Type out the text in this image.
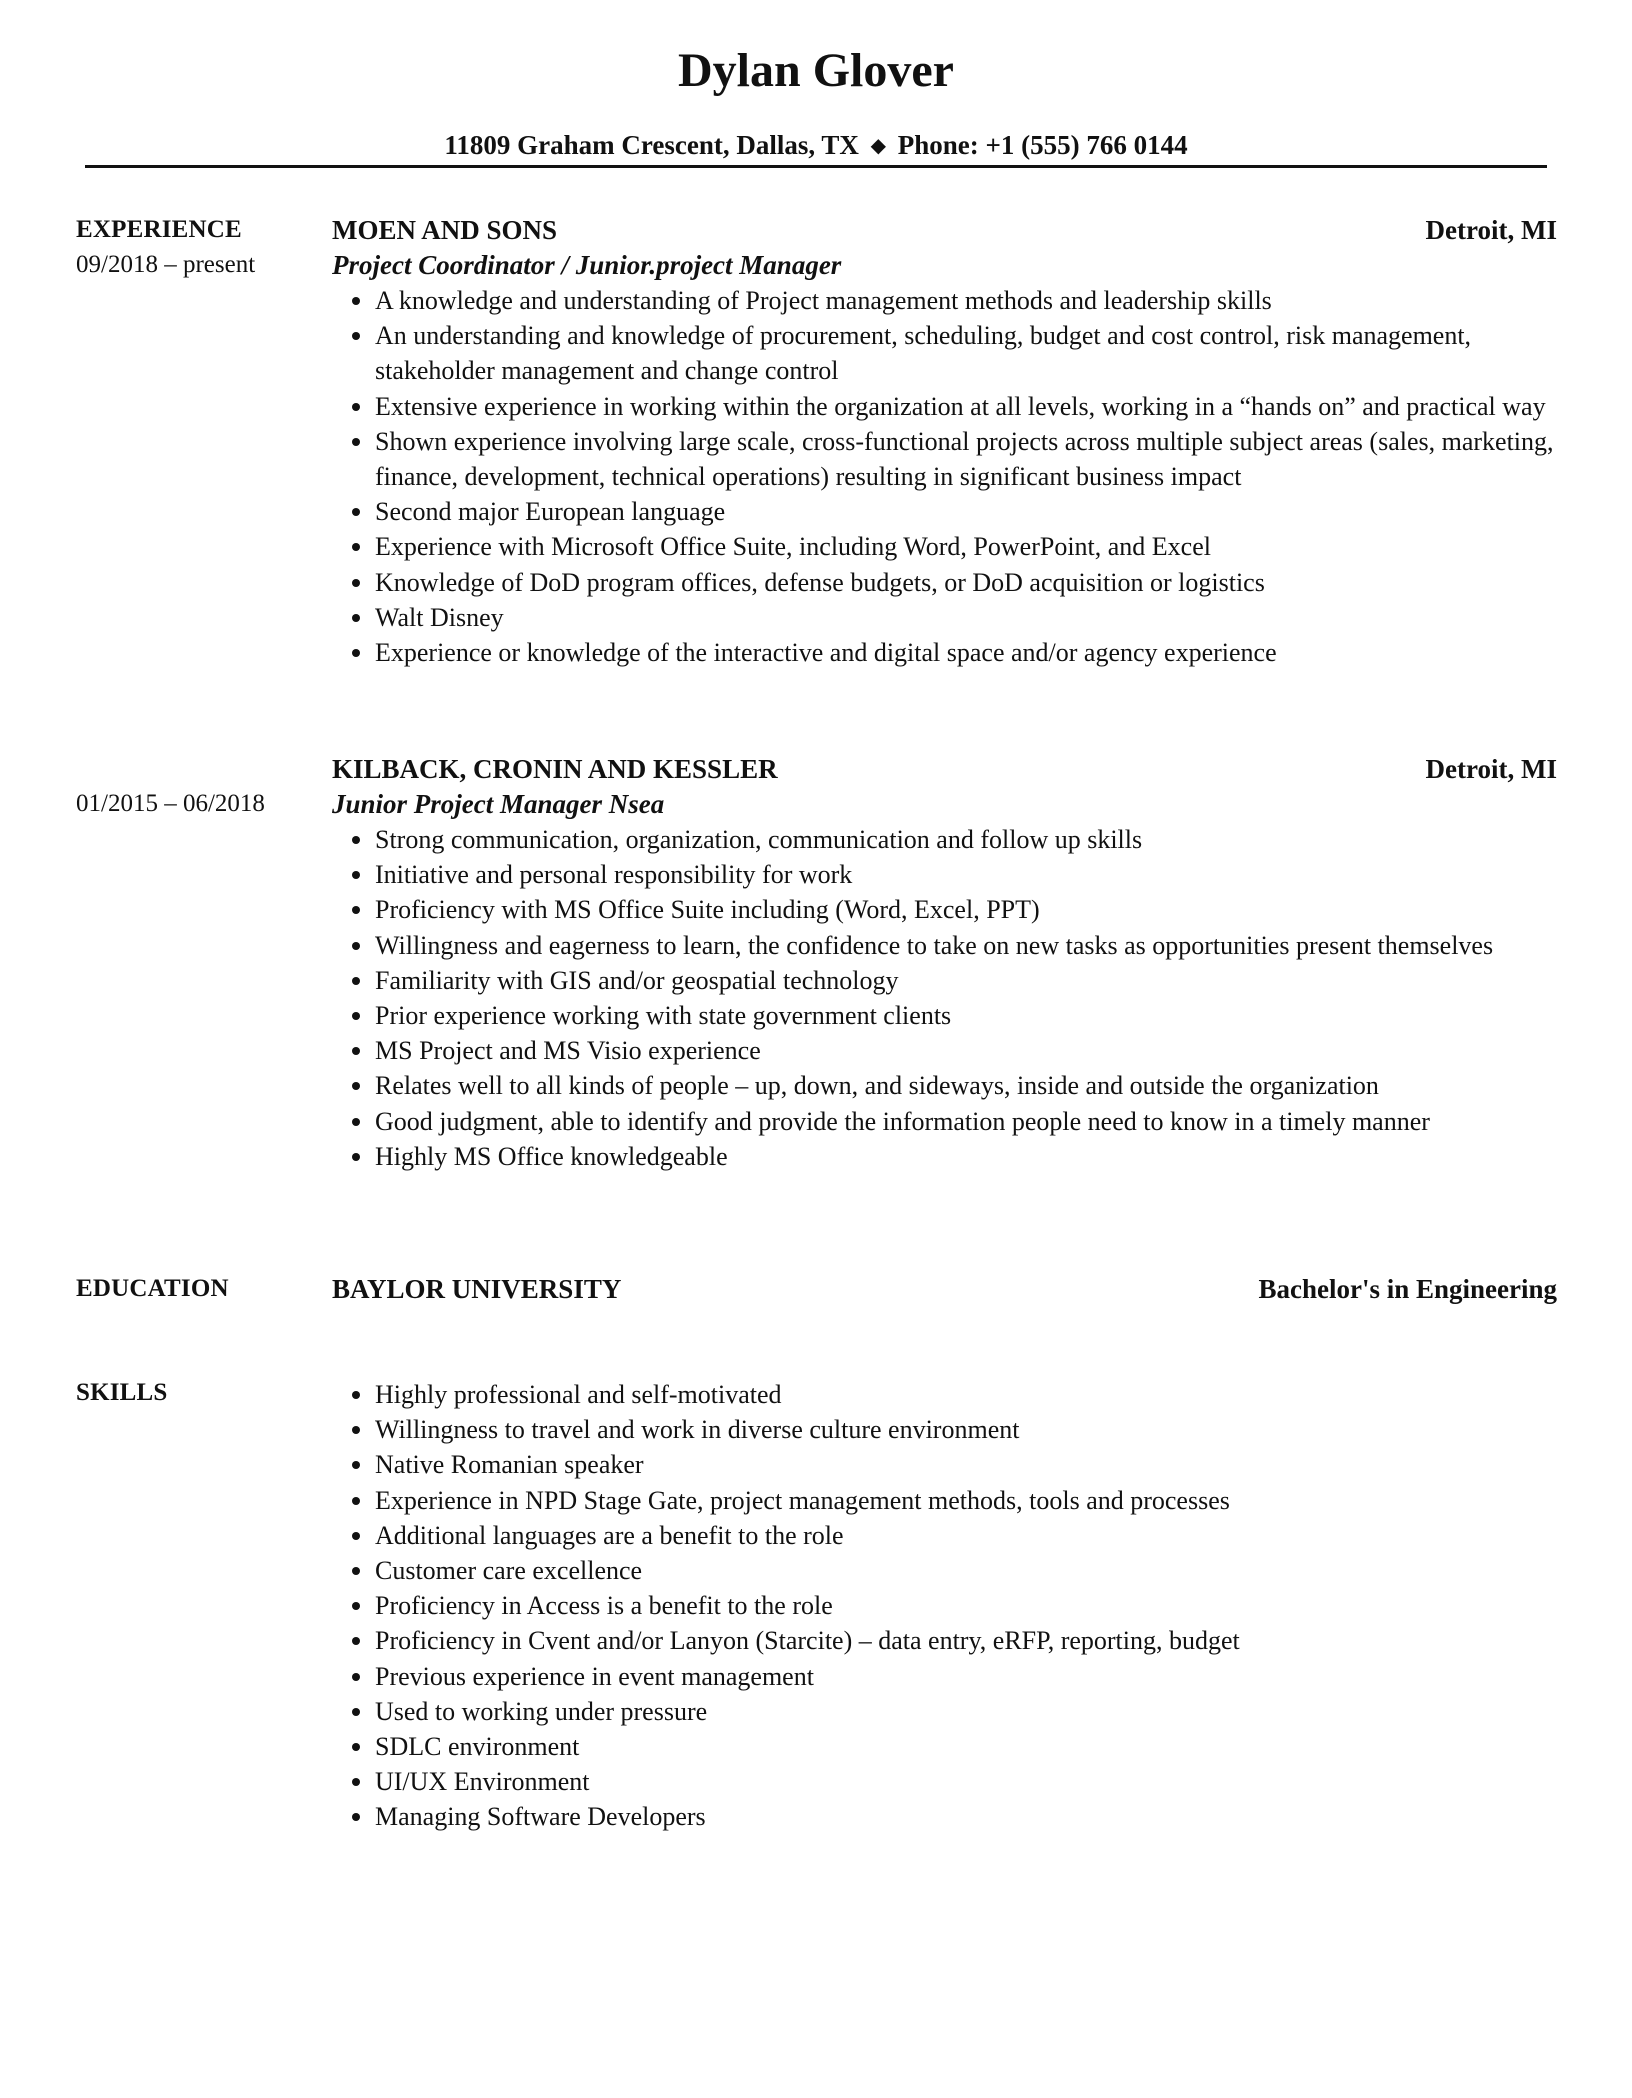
Dylan Glover
11809 Graham Crescent, Dallas, TX ◆ Phone: +1 (555) 766 0144
EXPERIENCE
09/2018 – present
MOEN AND SONS	Detroit, MI
Project Coordinator / Junior.project Manager
A knowledge and understanding of Project management methods and leadership skills
An understanding and knowledge of procurement, scheduling, budget and cost control, risk management, stakeholder management and change control
Extensive experience in working within the organization at all levels, working in a “hands on” and practical way
Shown experience involving large scale, cross-functional projects across multiple subject areas (sales, marketing, finance, development, technical operations) resulting in significant business impact
Second major European language
Experience with Microsoft Office Suite, including Word, PowerPoint, and Excel
Knowledge of DoD program offices, defense budgets, or DoD acquisition or logistics
Walt Disney
Experience or knowledge of the interactive and digital space and/or agency experience
01/2015 – 06/2018
KILBACK, CRONIN AND KESSLER	Detroit, MI
Junior Project Manager Nsea
Strong communication, organization, communication and follow up skills
Initiative and personal responsibility for work
Proficiency with MS Office Suite including (Word, Excel, PPT)
Willingness and eagerness to learn, the confidence to take on new tasks as opportunities present themselves
Familiarity with GIS and/or geospatial technology
Prior experience working with state government clients
MS Project and MS Visio experience
Relates well to all kinds of people – up, down, and sideways, inside and outside the organization
Good judgment, able to identify and provide the information people need to know in a timely manner
Highly MS Office knowledgeable
EDUCATION	BAYLOR UNIVERSITY	Bachelor's in Engineering
SKILLS	Highly professional and self-motivated
Willingness to travel and work in diverse culture environment
Native Romanian speaker
Experience in NPD Stage Gate, project management methods, tools and processes
Additional languages are a benefit to the role
Customer care excellence
Proficiency in Access is a benefit to the role
Proficiency in Cvent and/or Lanyon (Starcite) – data entry, eRFP, reporting, budget
Previous experience in event management
Used to working under pressure
SDLC environment
UI/UX Environment
Managing Software Developers
